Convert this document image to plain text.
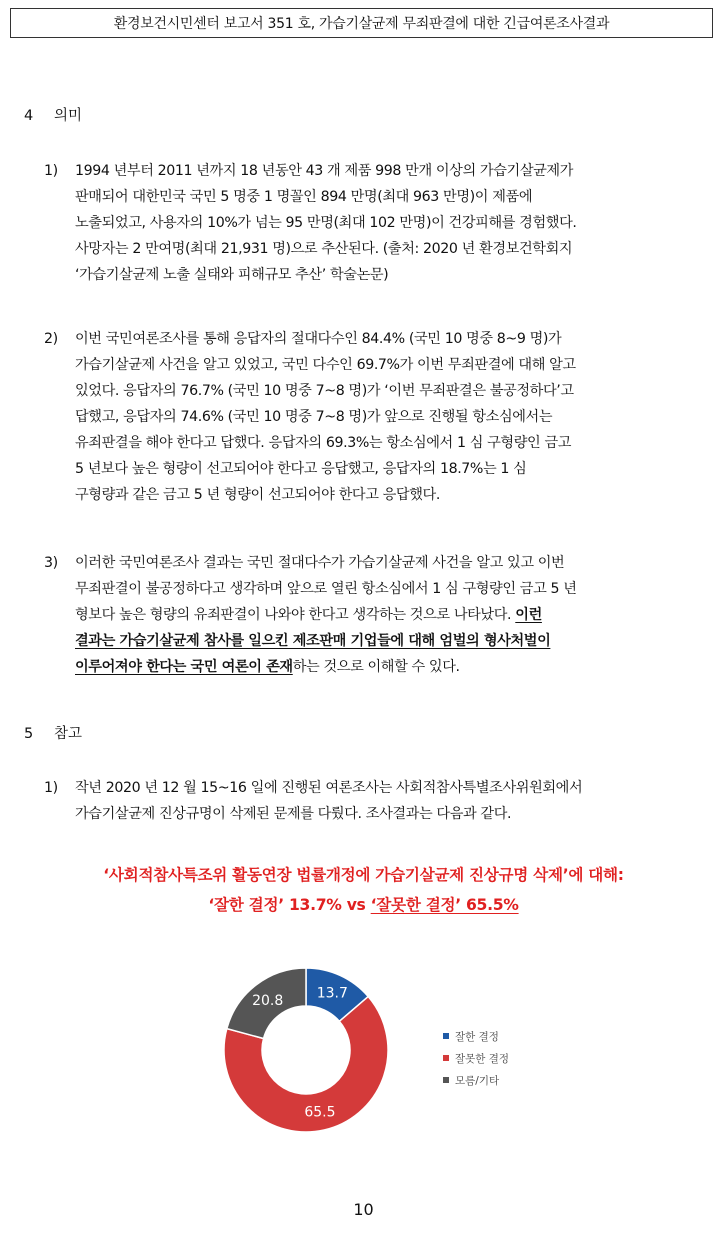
환경보건시민센터 보고서 351 호, 가습기살균제 무죄판결에 대한 긴급여론조사결과
4 의미
1) 1994 년부터 2011 년까지 18 년동안 43 개 제품 998 만개 이상의 가습기살균제가
판매되어 대한민국 국민 5 명중 1 명꼴인 894 만명(최대 963 만명)이 제품에
노출되었고, 사용자의 10%가 넘는 95 만명(최대 102 만명)이 건강피해를 경험했다.
사망자는 2 만여명(최대 21,931 명)으로 추산된다. (출처: 2020 년 환경보건학회지
‘가습기살균제 노출 실태와 피해규모 추산’ 학술논문)
2) 이번 국민여론조사를 통해 응답자의 절대다수인 84.4% (국민 10 명중 8~9 명)가
가습기살균제 사건을 알고 있었고, 국민 다수인 69.7%가 이번 무죄판결에 대해 알고
있었다. 응답자의 76.7% (국민 10 명중 7~8 명)가 ‘이번 무죄판결은 불공정하다’고
답했고, 응답자의 74.6% (국민 10 명중 7~8 명)가 앞으로 진행될 항소심에서는
유죄판결을 해야 한다고 답했다. 응답자의 69.3%는 항소심에서 1 심 구형량인 금고
5 년보다 높은 형량이 선고되어야 한다고 응답했고, 응답자의 18.7%는 1 심
구형량과 같은 금고 5 년 형량이 선고되어야 한다고 응답했다.
3) 이러한 국민여론조사 결과는 국민 절대다수가 가습기살균제 사건을 알고 있고 이번
무죄판결이 불공정하다고 생각하며 앞으로 열린 항소심에서 1 심 구형량인 금고 5 년
형보다 높은 형량의 유죄판결이 나와야 한다고 생각하는 것으로 나타났다. 이런
결과는 가습기살균제 참사를 일으킨 제조판매 기업들에 대해 엄벌의 형사처벌이
이루어져야 한다는 국민 여론이 존재하는 것으로 이해할 수 있다.
5 참고
1) 작년 2020 년 12 월 15~16 일에 진행된 여론조사는 사회적참사특별조사위원회에서
가습기살균제 진상규명이 삭제된 문제를 다뤘다. 조사결과는 다음과 같다.
‘사회적참사특조위 활동연장 법률개정에 가습기살균제 진상규명 삭제’에 대해:
‘잘한 결정’ 13.7% vs ‘잘못한 결정’ 65.5%
13.7
65.5
20.8
잘한 결정
잘못한 결정
모름/기타
10
